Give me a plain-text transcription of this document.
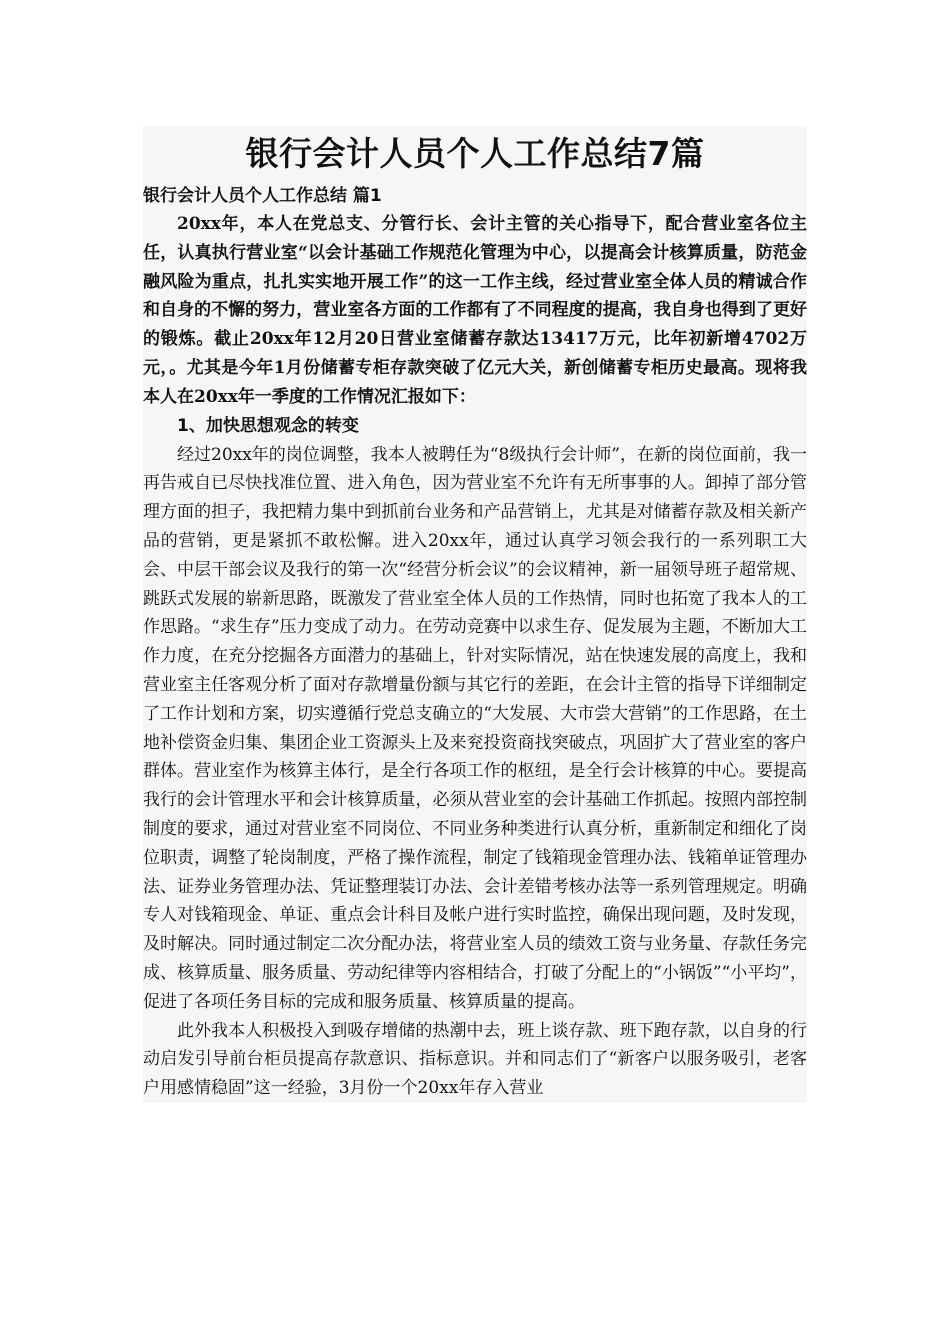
银行会计人员个人工作总结7篇

银行会计人员个人工作总结 篇1

20xx年，本人在党总支、分管行长、会计主管的关心指导下，配合营业室各位主任，认真执行营业室“以会计基础工作规范化管理为中心，以提高会计核算质量，防范金融风险为重点，扎扎实实地开展工作”的这一工作主线，经过营业室全体人员的精诚合作和自身的不懈的努力，营业室各方面的工作都有了不同程度的提高，我自身也得到了更好的锻炼。截止20xx年12月20日营业室储蓄存款达13417万元，比年初新增4702万元，。尤其是今年1月份储蓄专柜存款突破了亿元大关，新创储蓄专柜历史最高。现将我本人在20xx年一季度的工作情况汇报如下：

1、加快思想观念的转变

经过20xx年的岗位调整，我本人被聘任为“8级执行会计师”，在新的岗位面前，我一再告戒自已尽快找准位置、进入角色，因为营业室不允许有无所事事的人。卸掉了部分管理方面的担子，我把精力集中到抓前台业务和产品营销上，尤其是对储蓄存款及相关新产品的营销，更是紧抓不敢松懈。进入20xx年，通过认真学习领会我行的一系列职工大会、中层干部会议及我行的第一次“经营分析会议”的会议精神，新一届领导班子超常规、跳跃式发展的崭新思路，既激发了营业室全体人员的工作热情，同时也拓宽了我本人的工作思路。“求生存”压力变成了动力。在劳动竞赛中以求生存、促发展为主题，不断加大工作力度，在充分挖掘各方面潜力的基础上，针对实际情况，站在快速发展的高度上，我和营业室主任客观分析了面对存款增量份额与其它行的差距，在会计主管的指导下详细制定了工作计划和方案，切实遵循行党总支确立的“大发展、大市尝大营销”的工作思路，在土地补偿资金归集、集团企业工资源头上及来兖投资商找突破点，巩固扩大了营业室的客户群体。营业室作为核算主体行，是全行各项工作的枢纽，是全行会计核算的中心。要提高我行的会计管理水平和会计核算质量，必须从营业室的会计基础工作抓起。按照内部控制制度的要求，通过对营业室不同岗位、不同业务种类进行认真分析，重新制定和细化了岗位职责，调整了轮岗制度，严格了操作流程，制定了钱箱现金管理办法、钱箱单证管理办法、证券业务管理办法、凭证整理装订办法、会计差错考核办法等一系列管理规定。明确专人对钱箱现金、单证、重点会计科目及帐户进行实时监控，确保出现问题，及时发现，及时解决。同时通过制定二次分配办法，将营业室人员的绩效工资与业务量、存款任务完成、核算质量、服务质量、劳动纪律等内容相结合，打破了分配上的“小锅饭”“小平均”，促进了各项任务目标的完成和服务质量、核算质量的提高。

此外我本人积极投入到吸存增储的热潮中去，班上谈存款、班下跑存款，以自身的行动启发引导前台柜员提高存款意识、指标意识。并和同志们了“新客户以服务吸引，老客户用感情稳固”这一经验，3月份一个20xx年存入营业
